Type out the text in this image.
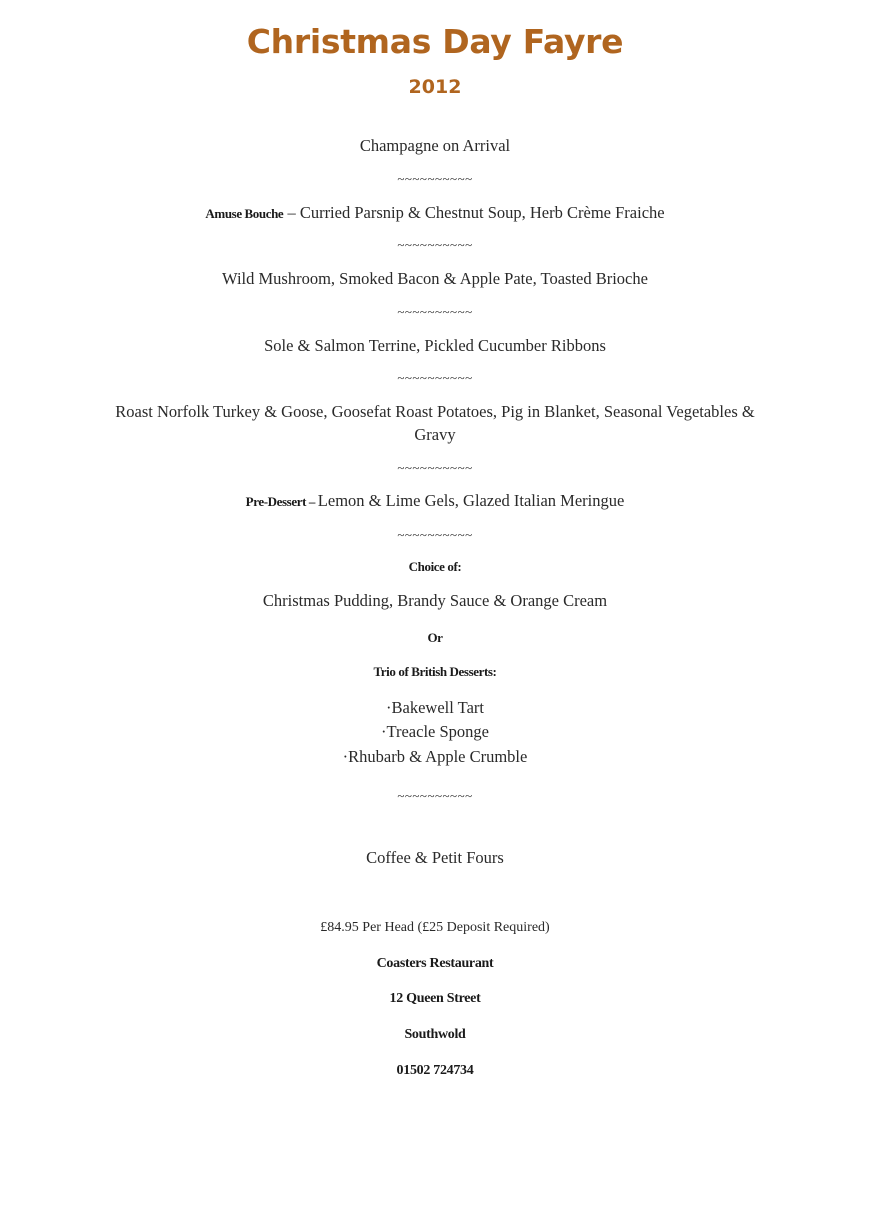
Christmas Day Fayre
2012
Champagne on Arrival
~~~~~~~~~~
Amuse Bouche – Curried Parsnip & Chestnut Soup, Herb Crème Fraiche
~~~~~~~~~~
Wild Mushroom, Smoked Bacon & Apple Pate, Toasted Brioche
~~~~~~~~~~
Sole & Salmon Terrine, Pickled Cucumber Ribbons
~~~~~~~~~~
Roast Norfolk Turkey & Goose, Goosefat Roast Potatoes, Pig in Blanket, Seasonal Vegetables & Gravy
~~~~~~~~~~
Pre-Dessert – Lemon & Lime Gels, Glazed Italian Meringue
~~~~~~~~~~
Choice of:
Christmas Pudding, Brandy Sauce & Orange Cream
Or
Trio of British Desserts:
·Bakewell Tart
·Treacle Sponge
·Rhubarb & Apple Crumble
~~~~~~~~~~
Coffee & Petit Fours
£84.95 Per Head (£25 Deposit Required)
Coasters Restaurant
12 Queen Street
Southwold
01502 724734
